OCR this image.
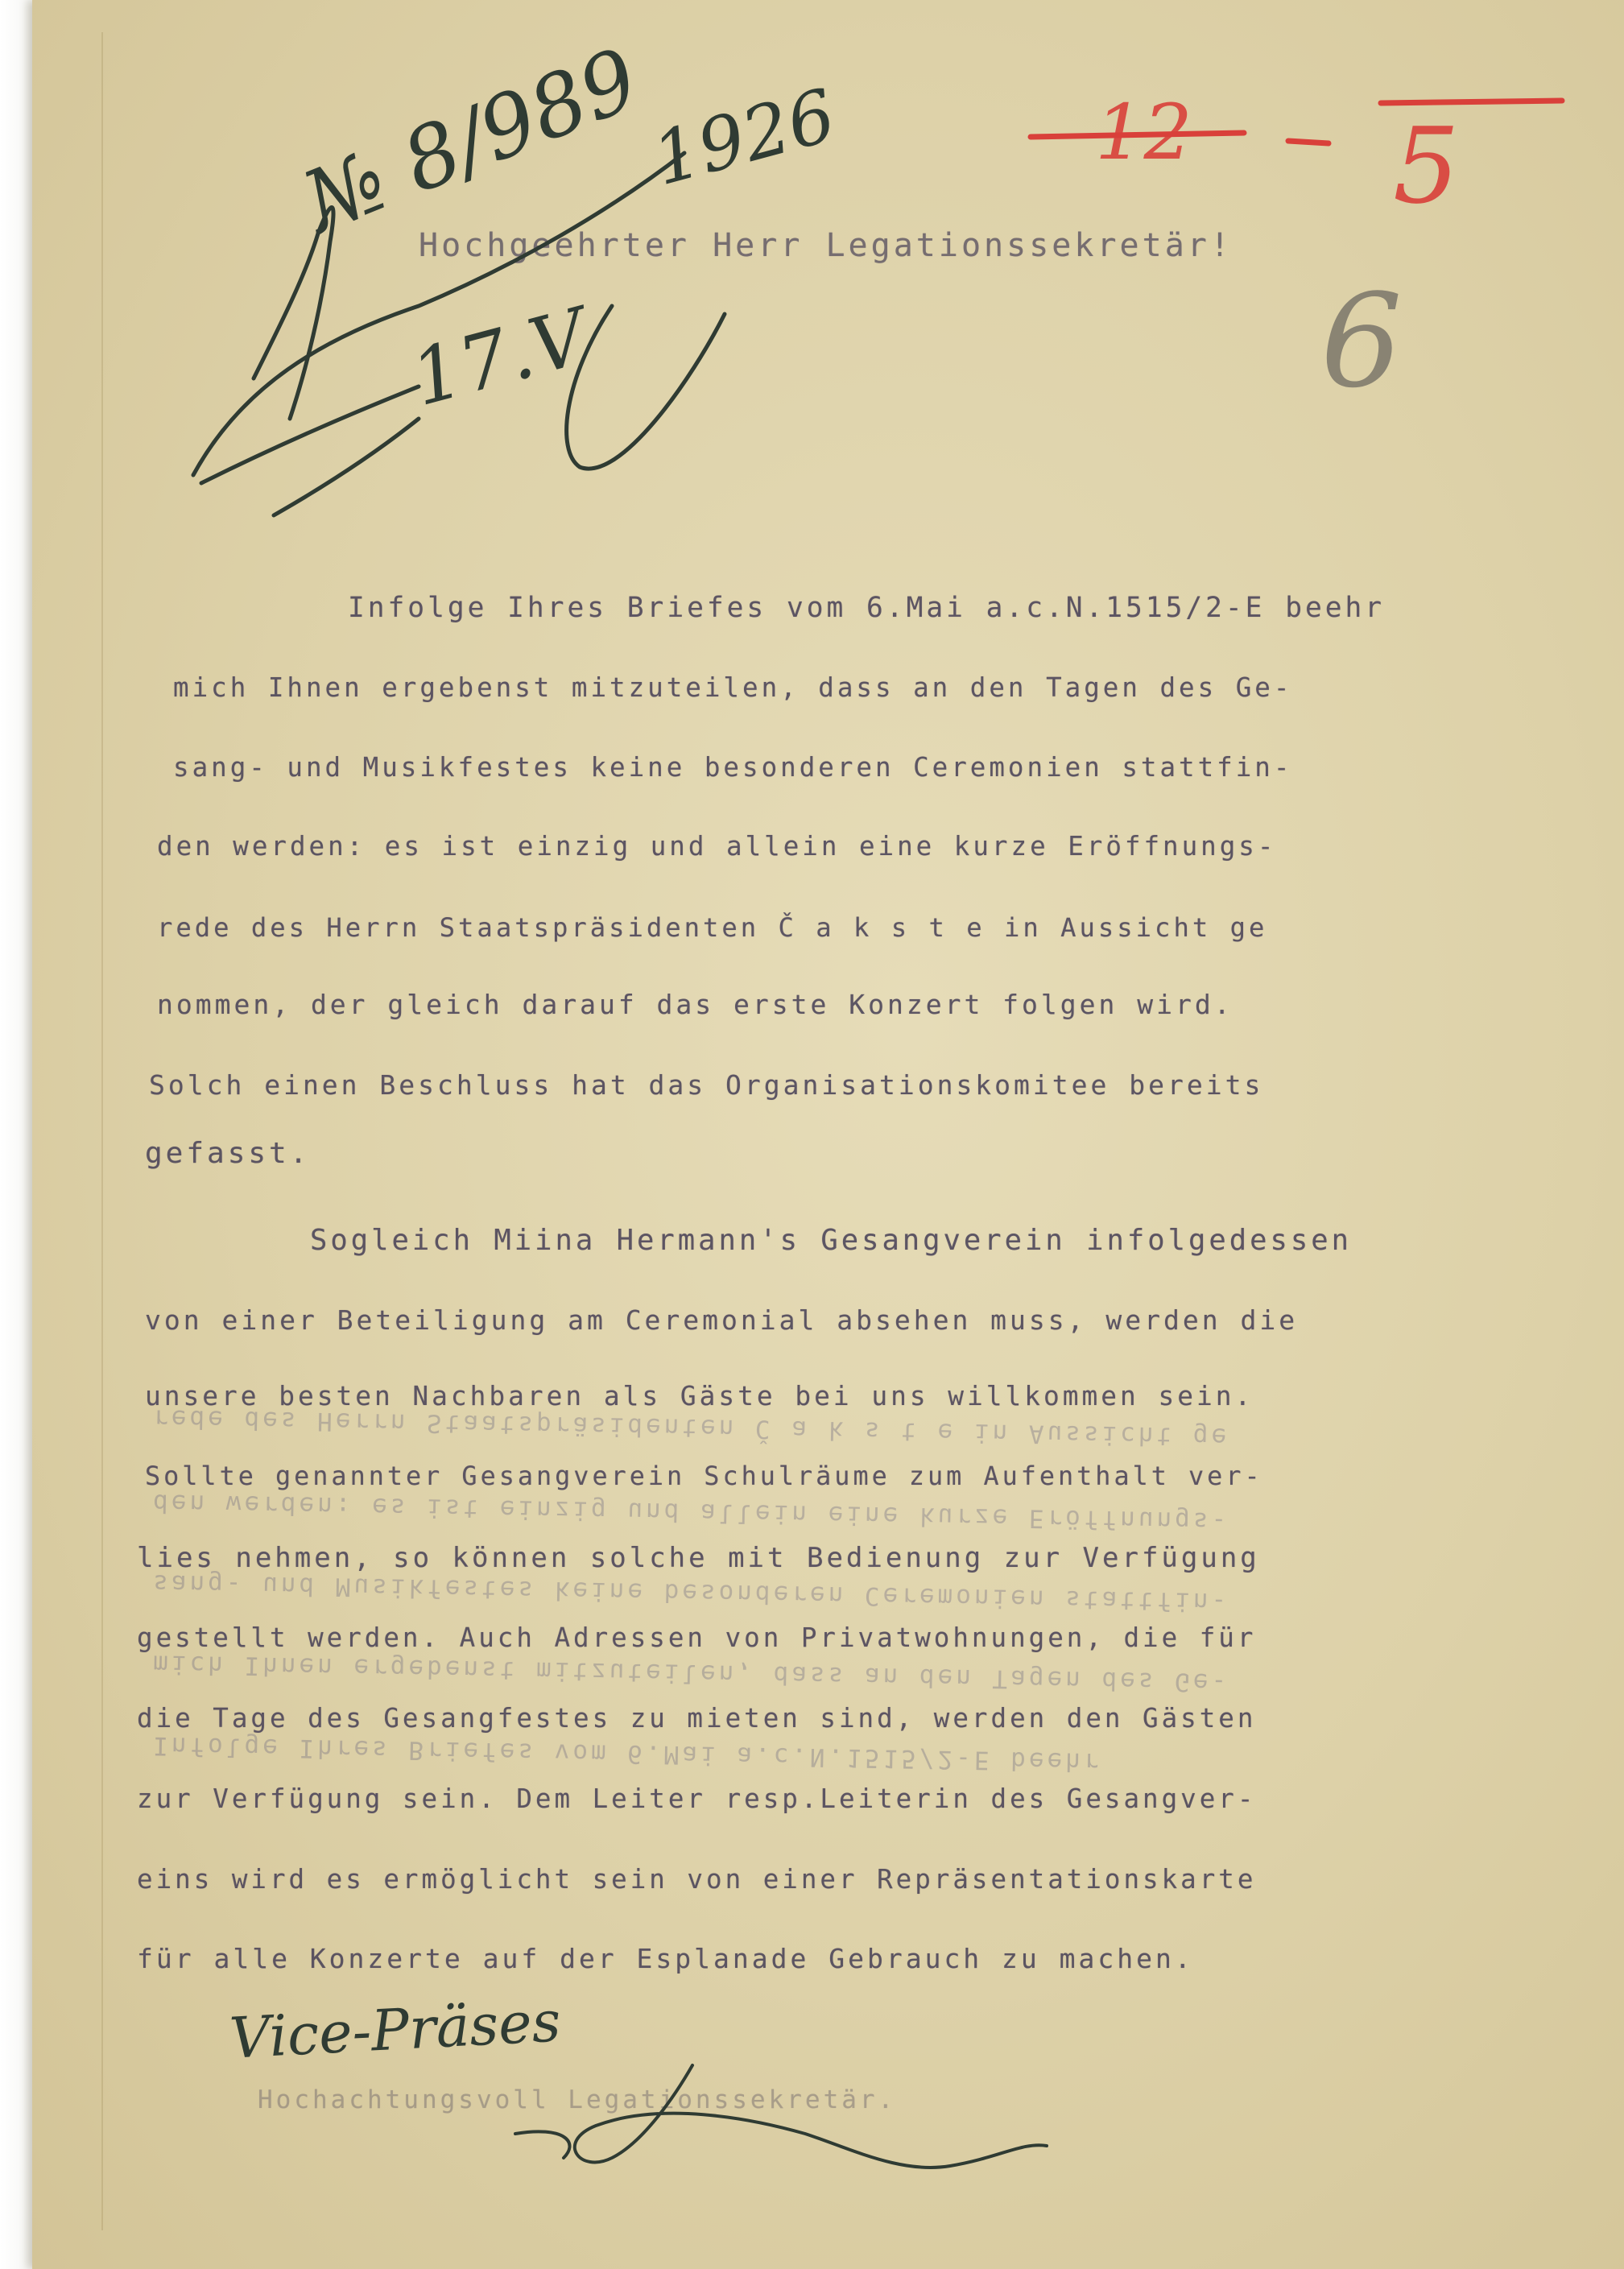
Hochgeehrter Herr Legationssekretär!

Infolge Ihres Briefes vom 6.Mai a.c.N.1515/2-E beehr

mich Ihnen ergebenst mitzuteilen, dass an den Tagen des Ge-

sang- und Musikfestes keine besonderen Ceremonien stattfin-

den werden: es ist einzig und allein eine kurze Eröffnungs-

rede des Herrn Staatspräsidenten Č a k s t e in Aussicht ge

nommen, der gleich darauf das erste Konzert folgen wird.

Solch einen Beschluss hat das Organisationskomitee bereits

gefasst.

Sogleich Miina Hermann's Gesangverein infolgedessen

von einer Beteiligung am Ceremonial absehen muss, werden die

unsere besten Nachbaren als Gäste bei uns willkommen sein.

Sollte genannter Gesangverein Schulräume zum Aufenthalt ver-

lies nehmen, so können solche mit Bedienung zur Verfügung

gestellt werden. Auch Adressen von Privatwohnungen, die für

die Tage des Gesangfestes zu mieten sind, werden den Gästen

zur Verfügung sein. Dem Leiter resp.Leiterin des Gesangver-

eins wird es ermöglicht sein von einer Repräsentationskarte

für alle Konzerte auf der Esplanade Gebrauch zu machen.

Hochachtungsvoll Legationssekretär.

rede des Herrn Staatspräsidenten Č a k s t e in Aussicht ge

den werden: es ist einzig und allein eine kurze Eröffnungs-

sang- und Musikfestes keine besonderen Ceremonien stattfin-

mich Ihnen ergebenst mitzuteilen, dass an den Tagen des Ge-

Infolge Ihres Briefes vom 6.Mai a.c.N.1515/2-E beehr

12 5

6

№ 8/989

1926

17.V

Vice-Präses
